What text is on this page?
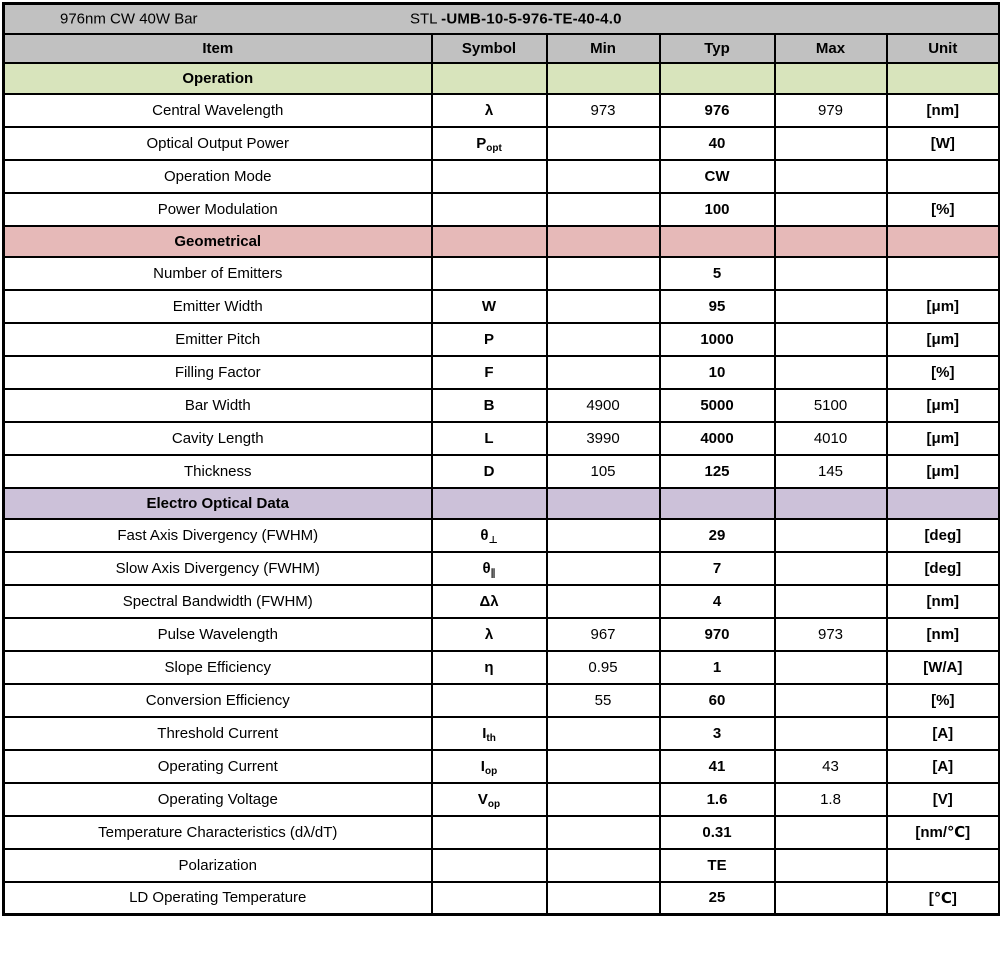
976nm CW 40W Bar STL -UMB-10-5-976-TE-40-4.0					

Item	Symbol	Min	Typ	Max	Unit
Operation					
Central Wavelength	λ	973	976	979	[nm]
Optical Output Power	$P_{opt}$		40		[W]
Operation Mode			CW		
Power Modulation			100		[%]
Geometrical					
Number of Emitters			5		
Emitter Width	W		95		[μm]
Emitter Pitch	P		1000		[μm]
Filling Factor	F		10		[%]
Bar Width	B	4900	5000	5100	[μm]
Cavity Length	L	3990	4000	4010	[μm]
Thickness	D	105	125	145	[μm]
Electro Optical Data					
Fast Axis Divergency (FWHM)	$\theta_\perp$		29		[deg]
Slow Axis Divergency (FWHM)	$\theta_\parallel$		7		[deg]
Spectral Bandwidth (FWHM)	Δλ		4		[nm]
Pulse Wavelength	λ	967	970	973	[nm]
Slope Efficiency	η	0.95	1		[W/A]
Conversion Efficiency		55	60		[%]
Threshold Current	$I_{th}$		3		[A]
Operating Current	$I_{op}$		41	43	[A]
Operating Voltage	$V_{op}$		1.6	1.8	[V]
Temperature Characteristics (dλ/dT)			0.31		[nm/℃]
Polarization			TE		
LD Operating Temperature			25		[℃]
